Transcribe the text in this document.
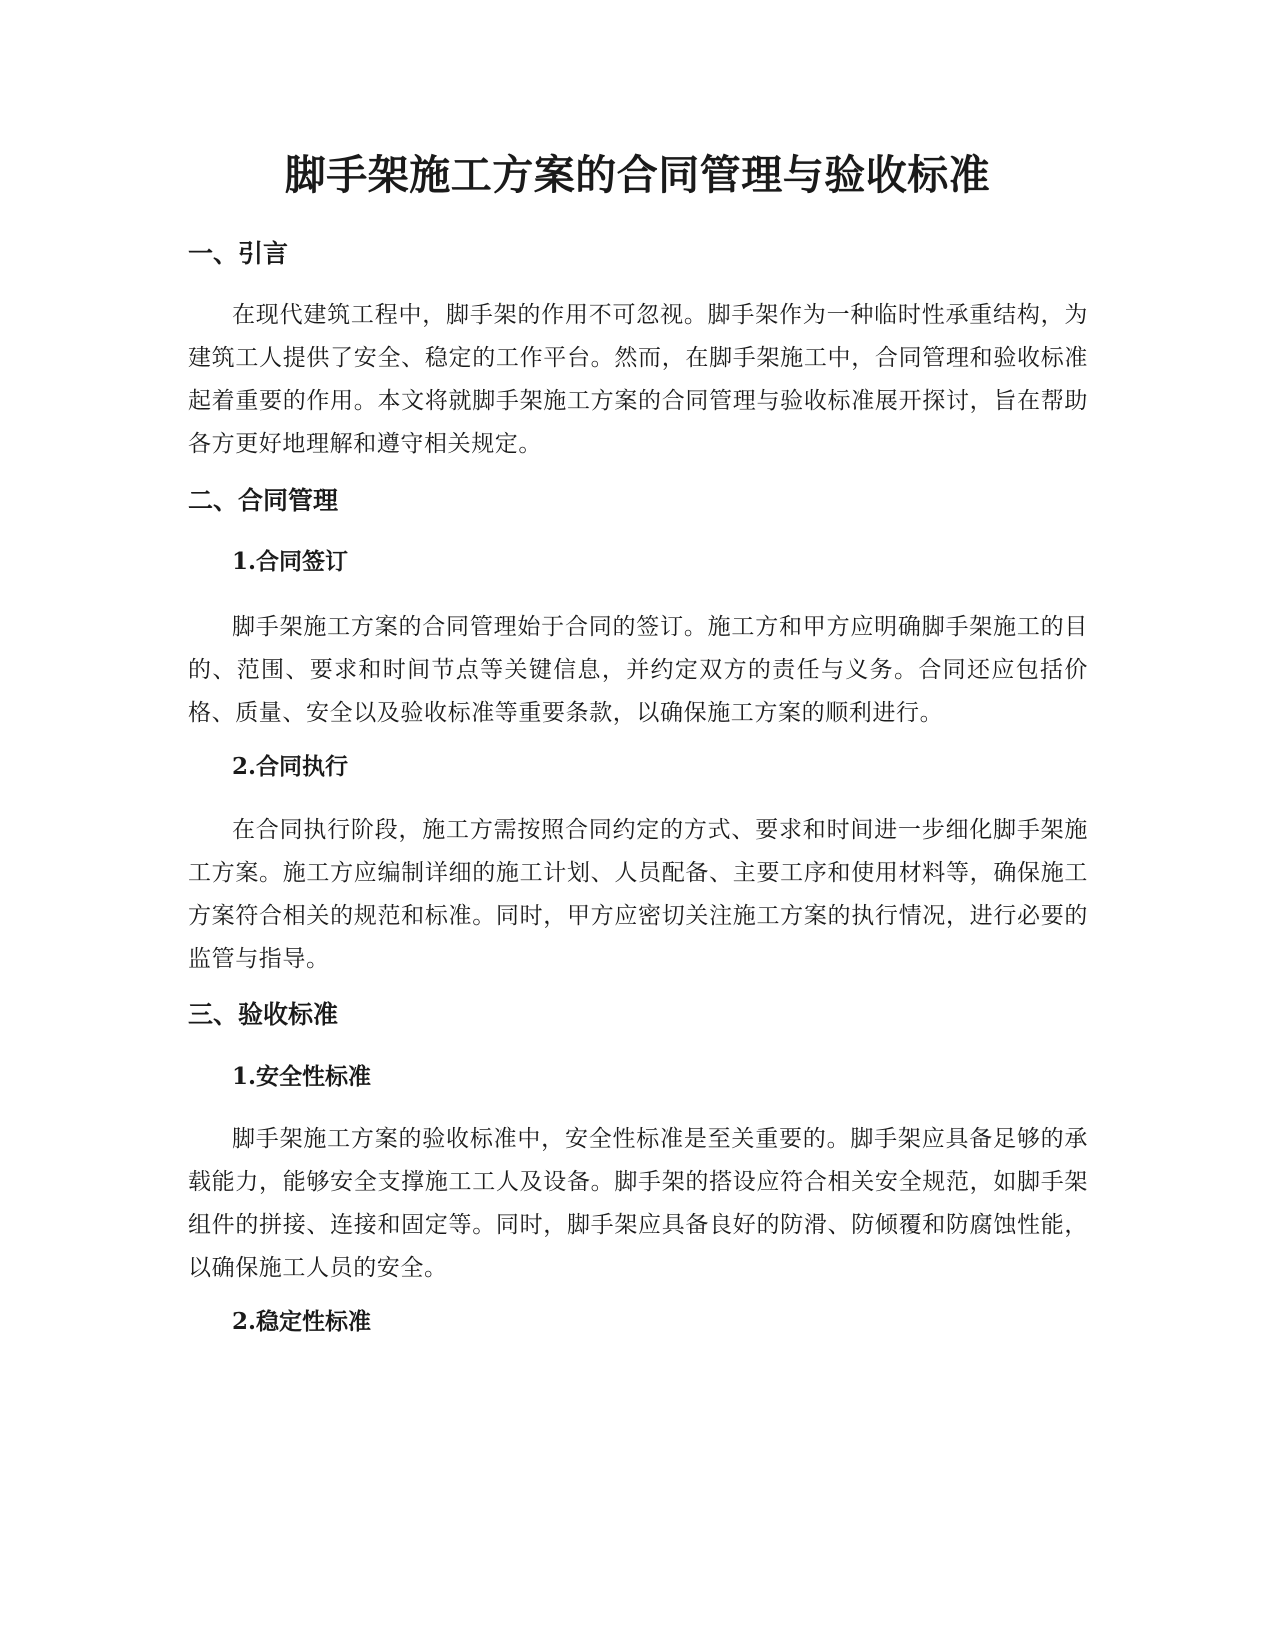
脚手架施工方案的合同管理与验收标准
一、引言

在现代建筑工程中，脚手架的作用不可忽视。脚手架作为一种临时性承重结构，为建筑工人提供了安全、稳定的工作平台。然而，在脚手架施工中，合同管理和验收标准起着重要的作用。本文将就脚手架施工方案的合同管理与验收标准展开探讨，旨在帮助各方更好地理解和遵守相关规定。

二、合同管理
1.合同签订

脚手架施工方案的合同管理始于合同的签订。施工方和甲方应明确脚手架施工的目的、范围、要求和时间节点等关键信息，并约定双方的责任与义务。合同还应包括价格、质量、安全以及验收标准等重要条款，以确保施工方案的顺利进行。

2.合同执行

在合同执行阶段，施工方需按照合同约定的方式、要求和时间进一步细化脚手架施工方案。施工方应编制详细的施工计划、人员配备、主要工序和使用材料等，确保施工方案符合相关的规范和标准。同时，甲方应密切关注施工方案的执行情况，进行必要的监管与指导。

三、验收标准
1.安全性标准

脚手架施工方案的验收标准中，安全性标准是至关重要的。脚手架应具备足够的承载能力，能够安全支撑施工工人及设备。脚手架的搭设应符合相关安全规范，如脚手架组件的拼接、连接和固定等。同时，脚手架应具备良好的防滑、防倾覆和防腐蚀性能，以确保施工人员的安全。

2.稳定性标准
